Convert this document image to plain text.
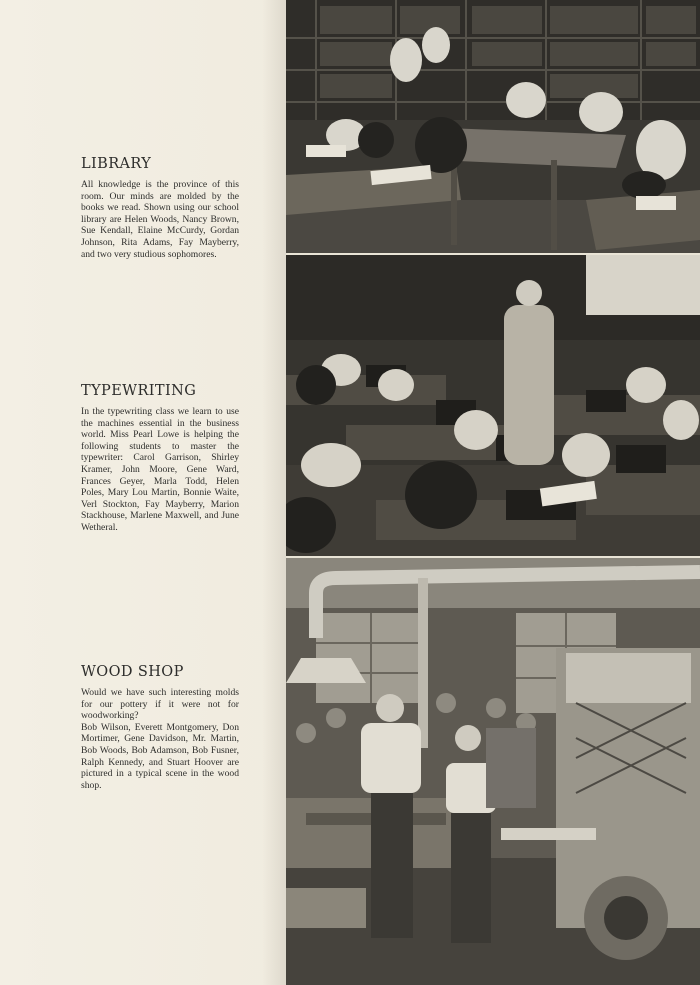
LIBRARY

All knowledge is the province of this room. Our minds are molded by the books we read. Shown using our school library are Helen Woods, Nancy Brown, Sue Kendall, Elaine McCurdy, Gordan Johnson, Rita Adams, Fay Mayberry, and two very studious sophomores.

TYPEWRITING

In the typewriting class we learn to use the machines essential in the business world. Miss Pearl Lowe is helping the following students to master the typewriter: Carol Garrison, Shirley Kramer, John Moore, Gene Ward, Frances Geyer, Marla Todd, Helen Poles, Mary Lou Martin, Bonnie Waite, Verl Stockton, Fay Mayberry, Marion Stackhouse, Marlene Maxwell, and June Wetheral.

WOOD SHOP

Would we have such interesting molds for our pottery if it were not for woodworking?

Bob Wilson, Everett Montgomery, Don Mortimer, Gene Davidson, Mr. Martin, Bob Woods, Bob Adamson, Bob Fusner, Ralph Kennedy, and Stuart Hoover are pictured in a typical scene in the wood shop.
